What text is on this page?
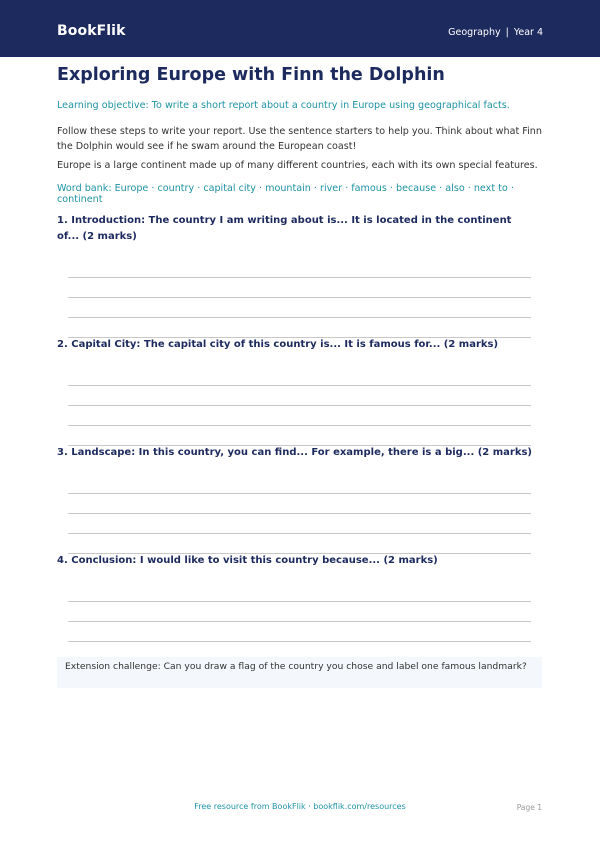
BookFlik	Geography | Year 4
Exploring Europe with Finn the Dolphin
Learning objective: To write a short report about a country in Europe using geographical facts.
Follow these steps to write your report. Use the sentence starters to help you. Think about what Finn the Dolphin would see if he swam around the European coast!
Europe is a large continent made up of many different countries, each with its own special features.
Word bank: Europe · country · capital city · mountain · river · famous · because · also · next to · continent
1. Introduction: The country I am writing about is... It is located in the continent of... (2 marks)
2. Capital City: The capital city of this country is... It is famous for... (2 marks)
3. Landscape: In this country, you can find... For example, there is a big... (2 marks)
4. Conclusion: I would like to visit this country because... (2 marks)
Extension challenge: Can you draw a flag of the country you chose and label one famous landmark?
Free resource from BookFlik · bookflik.com/resources	Page 1
